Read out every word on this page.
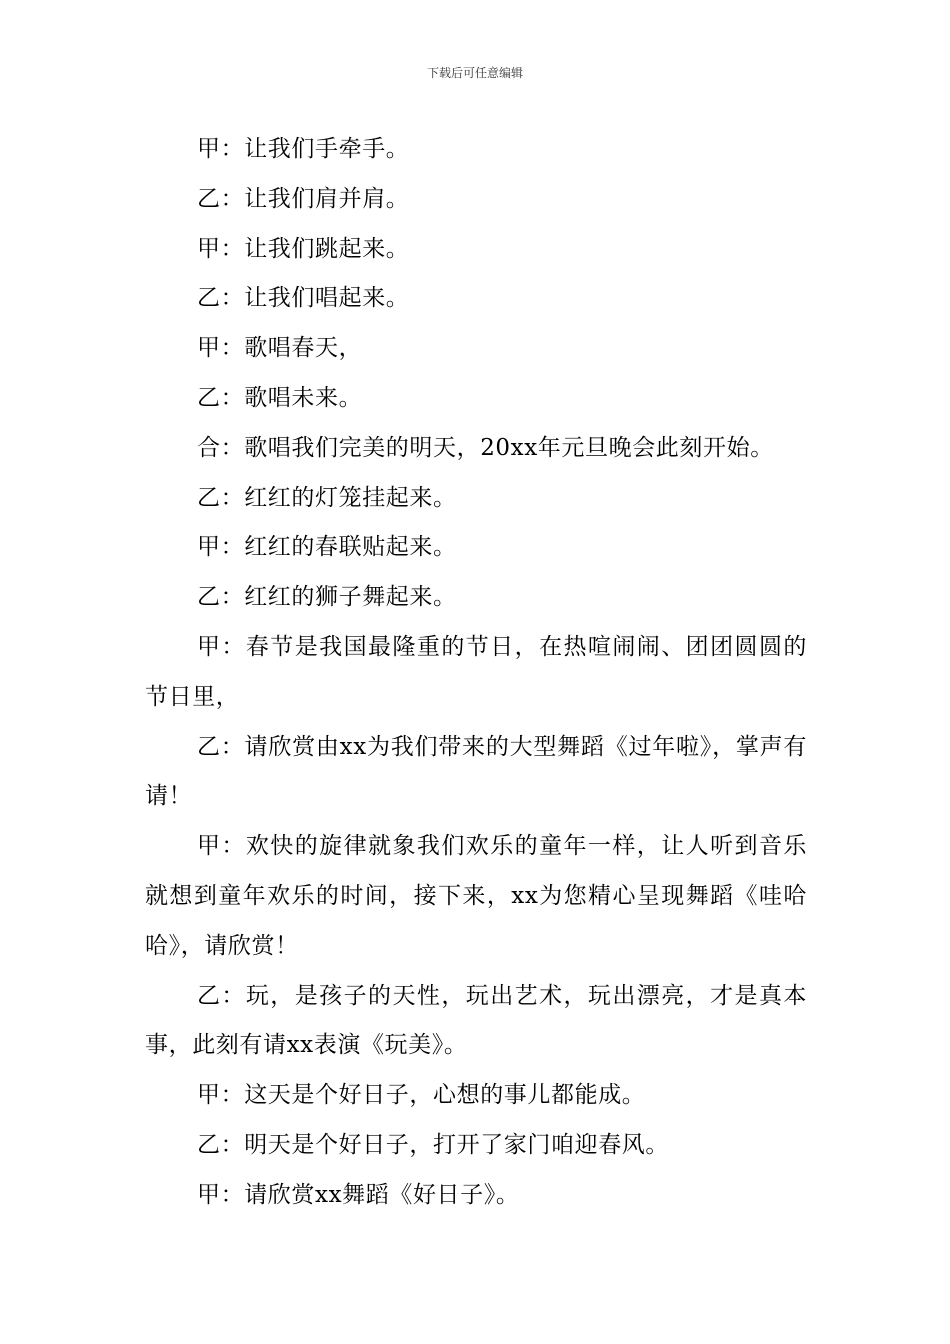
下载后可任意编辑

甲：让我们手牵手。

乙：让我们肩并肩。

甲：让我们跳起来。

乙：让我们唱起来。

甲：歌唱春天，

乙：歌唱未来。

合：歌唱我们完美的明天，20xx年元旦晚会此刻开始。

乙：红红的灯笼挂起来。

甲：红红的春联贴起来。

乙：红红的狮子舞起来。

甲：春节是我国最隆重的节日，在热喧闹闹、团团圆圆的节日里，

乙：请欣赏由xx为我们带来的大型舞蹈《过年啦》，掌声有请！

甲：欢快的旋律就象我们欢乐的童年一样，让人听到音乐就想到童年欢乐的时间，接下来，xx为您精心呈现舞蹈《哇哈哈》，请欣赏！

乙：玩，是孩子的天性，玩出艺术，玩出漂亮，才是真本事，此刻有请xx表演《玩美》。

甲：这天是个好日子，心想的事儿都能成。

乙：明天是个好日子，打开了家门咱迎春风。

甲：请欣赏xx舞蹈《好日子》。
